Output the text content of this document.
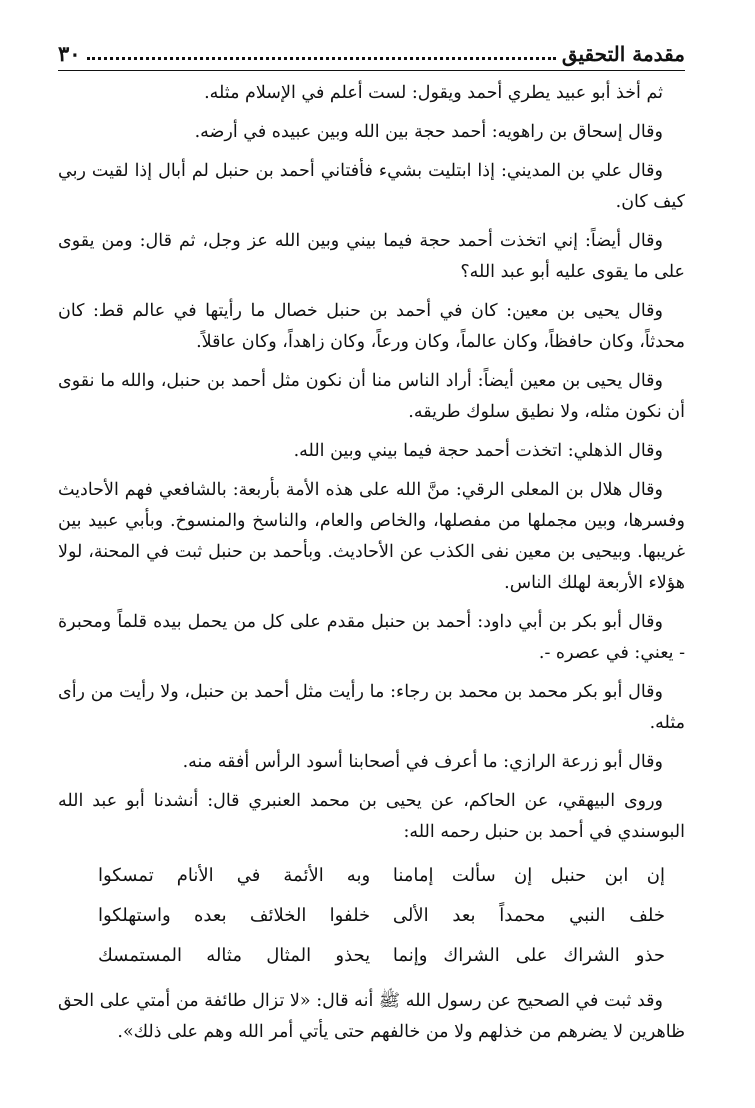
مقدمة التحقيق
٣٠

ثم أخذ أبو عبيد يطري أحمد ويقول: لست أعلم في الإسلام مثله.

وقال إسحاق بن راهويه: أحمد حجة بين الله وبين عبيده في أرضه.

وقال علي بن المديني: إذا ابتليت بشيء فأفتاني أحمد بن حنبل لم أبال إذا لقيت ربي كيف كان.

وقال أيضاً: إني اتخذت أحمد حجة فيما بيني وبين الله عز وجل، ثم قال: ومن يقوى على ما يقوى عليه أبو عبد الله؟

وقال يحيى بن معين: كان في أحمد بن حنبل خصال ما رأيتها في عالم قط: كان محدثاً، وكان حافظاً، وكان عالماً، وكان ورعاً، وكان زاهداً، وكان عاقلاً.

وقال يحيى بن معين أيضاً: أراد الناس منا أن نكون مثل أحمد بن حنبل، والله ما نقوى أن نكون مثله، ولا نطيق سلوك طريقه.

وقال الذهلي: اتخذت أحمد حجة فيما بيني وبين الله.

وقال هلال بن المعلى الرقي: منَّ الله على هذه الأمة بأربعة: بالشافعي فهم الأحاديث وفسرها، وبين مجملها من مفصلها، والخاص والعام، والناسخ والمنسوخ. وبأبي عبيد بين غريبها. وبيحيى بن معين نفى الكذب عن الأحاديث. وبأحمد بن حنبل ثبت في المحنة، لولا هؤلاء الأربعة لهلك الناس.

وقال أبو بكر بن أبي داود: أحمد بن حنبل مقدم على كل من يحمل بيده قلماً ومحبرة - يعني: في عصره -.

وقال أبو بكر محمد بن محمد بن رجاء: ما رأيت مثل أحمد بن حنبل، ولا رأيت من رأى مثله.

وقال أبو زرعة الرازي: ما أعرف في أصحابنا أسود الرأس أفقه منه.

وروى البيهقي، عن الحاكم، عن يحيى بن محمد العنبري قال: أنشدنا أبو عبد الله البوسندي في أحمد بن حنبل رحمه الله:

إن ابن حنبل إن سألت إمامنا
وبه الأئمة في الأنام تمسكوا
خلف النبي محمداً بعد الألى
خلفوا الخلائف بعده واستهلكوا
حذو الشراك على الشراك وإنما
يحذو المثال مثاله المستمسك

وقد ثبت في الصحيح عن رسول الله ﷺ أنه قال: «لا تزال طائفة من أمتي على الحق ظاهرين لا يضرهم من خذلهم ولا من خالفهم حتى يأتي أمر الله وهم على ذلك».
